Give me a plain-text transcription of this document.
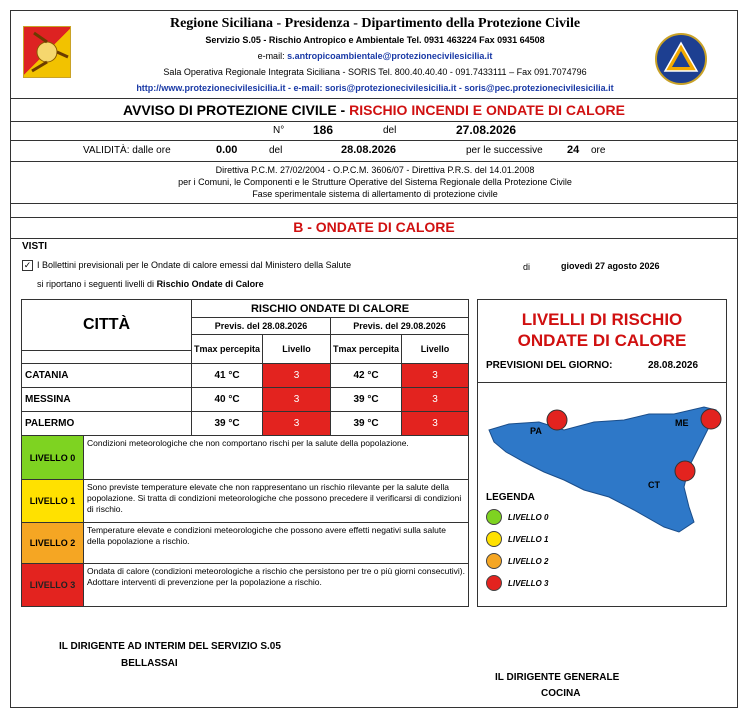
Regione Siciliana - Presidenza - Dipartimento della Protezione Civile
Servizio S.05 - Rischio Antropico e Ambientale Tel. 0931 463224 Fax 0931 64508
e-mail: s.antropicoambientale@protezionecivilesicilia.it
Sala Operativa Regionale Integrata Siciliana - SORIS Tel. 800.40.40.40 - 091.7433111 – Fax 091.7074796
http://www.protezionecivilesicilia.it - e-mail: soris@protezionecivilesicilia.it - soris@pec.protezionecivilesicilia.it
AVVISO DI PROTEZIONE CIVILE - RISCHIO INCENDI E ONDATE DI CALORE
N° 186	del	27.08.2026
VALIDITÀ: dalle ore	0.00	del	28.08.2026	per le successive 24 ore
Direttiva P.C.M. 27/02/2004 - O.P.C.M. 3606/07 - Direttiva P.R.S. del 14.01.2008
per i Comuni, le Componenti e le Strutture Operative del Sistema Regionale della Protezione Civile
Fase sperimentale sistema di allertamento di protezione civile
B - ONDATE DI CALORE
VISTI
✓ I Bollettini previsionali per le Ondate di calore emessi dal Ministero della Salute	di	giovedì 27 agosto 2026
si riportano i seguenti livelli di Rischio Ondate di Calore
CITTÀ
RISCHIO ONDATE DI CALORE
Previs. del 28.08.2026	Previs. del 29.08.2026
Tmax percepita	Livello	Tmax percepita	Livello
CATANIA	41 °C	3	42 °C	3
MESSINA	40 °C	3	39 °C	3
PALERMO	39 °C	3	39 °C	3
LIVELLO 0
Condizioni meteorologiche che non comportano rischi per la salute della popolazione.
LIVELLO 1
Sono previste temperature elevate che non rappresentano un rischio rilevante per la salute della popolazione. Si tratta di condizioni meteorologiche che possono precedere il verificarsi di condizioni di rischio.
LIVELLO 2
Temperature elevate e condizioni meteorologiche che possono avere effetti negativi sulla salute della popolazione a rischio.
LIVELLO 3
Ondata di calore (condizioni meteorologiche a rischio che persistono per tre o più giorni consecutivi). Adottare interventi di prevenzione per la popolazione a rischio.
LIVELLI DI RISCHIO
ONDATE DI CALORE
PREVISIONI DEL GIORNO:	28.08.2026
PA
ME
CT
LEGENDA
LIVELLO 0
LIVELLO 1
LIVELLO 2
LIVELLO 3
IL DIRIGENTE AD INTERIM DEL SERVIZIO S.05
BELLASSAI
IL DIRIGENTE GENERALE
COCINA
